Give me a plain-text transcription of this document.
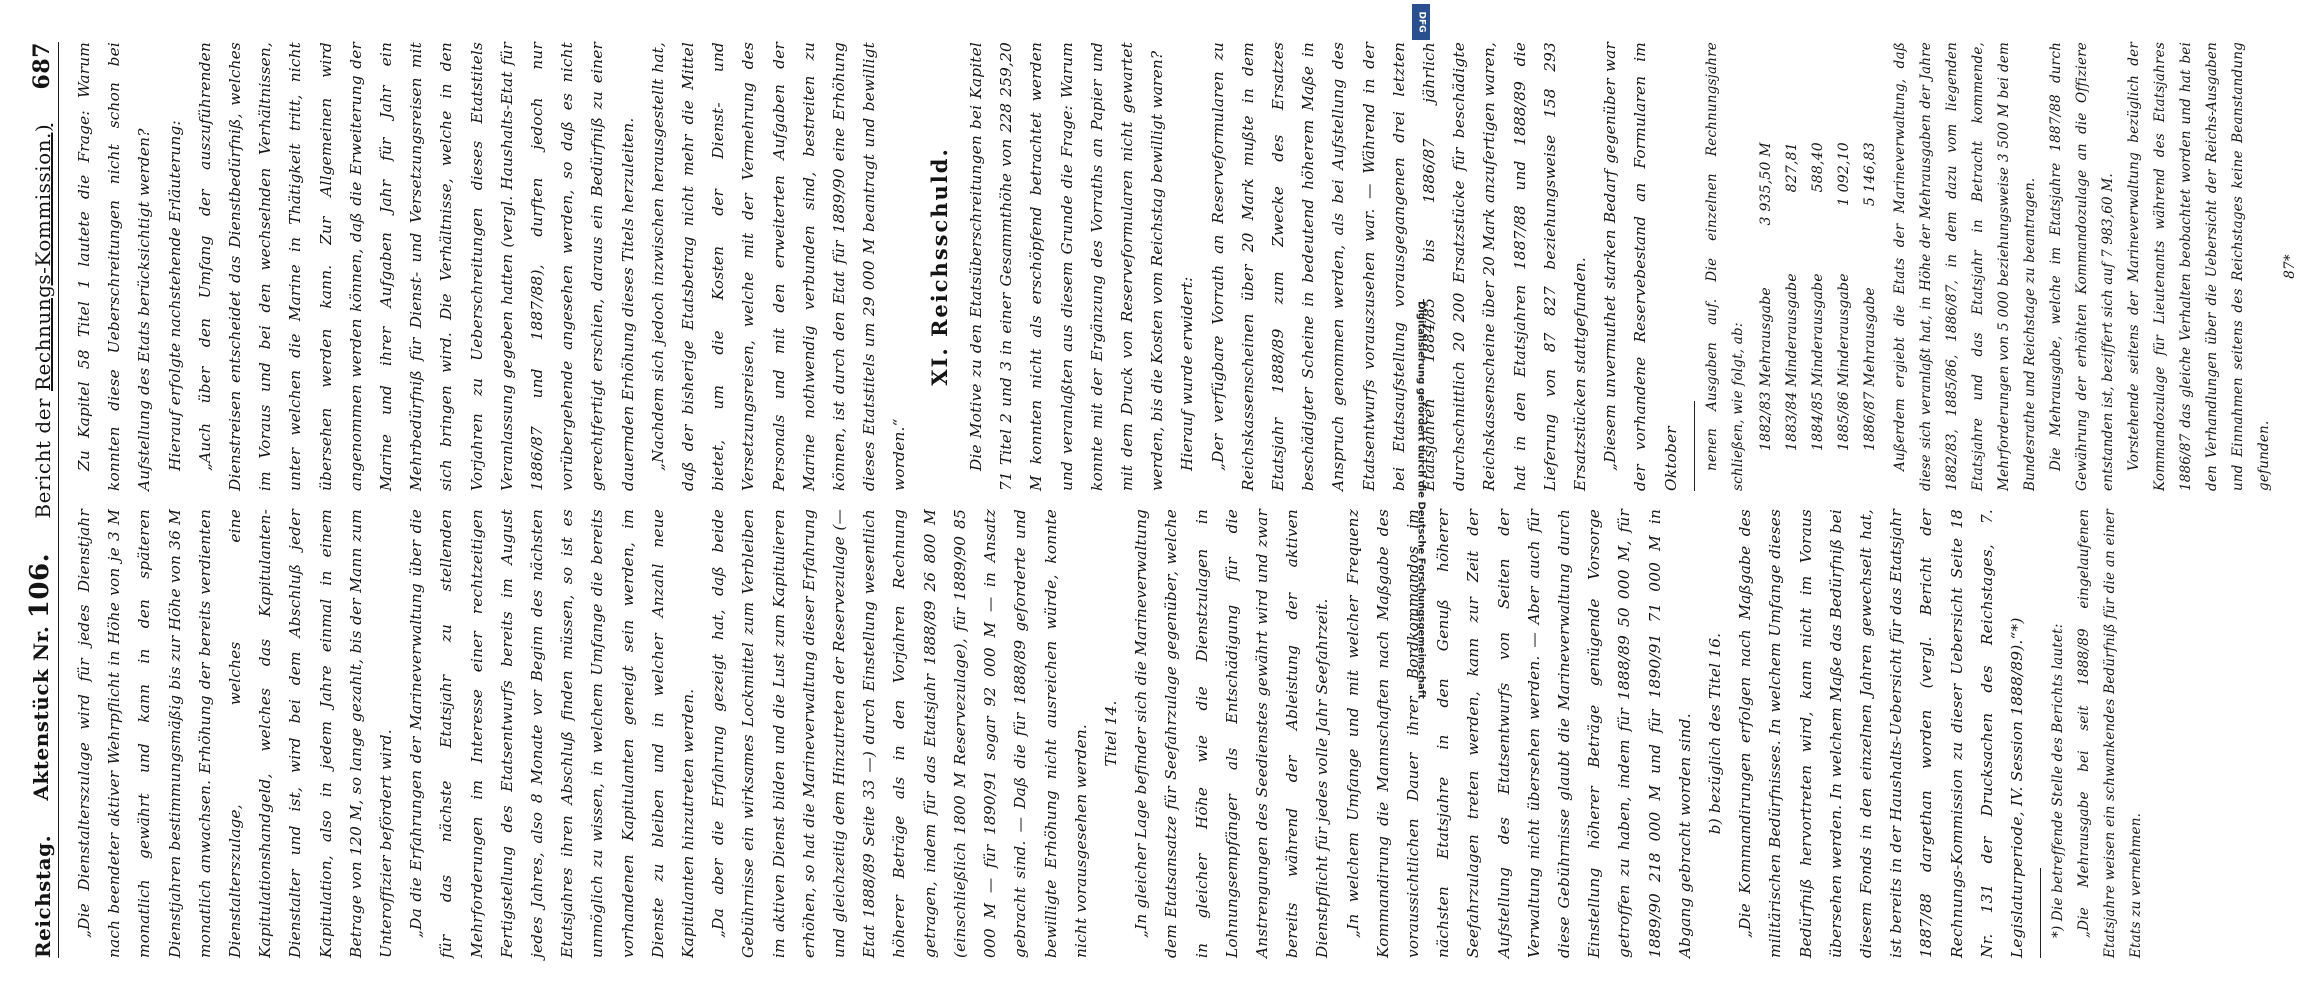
Reichstag.
Aktenstück Nr. 106.
Bericht der Rechnungs-Kommission.)
687

„Die Dienstalterszulage wird für jedes Dienstjahr nach beendeter aktiver Wehrpflicht in Höhe von je 3 M monatlich gewährt und kann in den späteren Dienstjahren bestimmungsmäßig bis zur Höhe von 36 M monatlich anwachsen. Erhöhung der bereits verdienten Dienstalterszulage, welches eine Kapitulationshandgeld, welches das Kapitulanten-Dienstalter und ist, wird bei dem Abschluß jeder Kapitulation, also in jedem Jahre einmal in einem Betrage von 120 M, so lange gezahlt, bis der Mann zum Unteroffizier befördert wird. „Da die Erfahrungen der Marineverwaltung über die für das nächste Etatsjahr zu stellenden Mehrforderungen im Interesse einer rechtzeitigen Fertigstellung des Etatsentwurfs bereits im August jedes Jahres, also 8 Monate vor Beginn des nächsten Etatsjahres ihren Abschluß finden müssen, so ist es unmöglich zu wissen, in welchem Umfange die bereits vorhandenen Kapitulanten geneigt sein werden, im Dienste zu bleiben und in welcher Anzahl neue Kapitulanten hinzutreten werden. „Da aber die Erfahrung gezeigt hat, daß beide Gebührnisse ein wirksames Lockmittel zum Verbleiben im aktiven Dienst bilden und die Lust zum Kapitulieren erhöhen, so hat die Marineverwaltung dieser Erfahrung und gleichzeitig dem Hinzutreten der Reservezulage (— Etat 1888/89 Seite 33 —) durch Einstellung wesentlich höherer Beträge als in den Vorjahren Rechnung getragen, indem für das Etatsjahr 1888/89 26 800 M (einschließlich 1800 M Reservezulage), für 1889/90 85 000 M — für 1890/91 sogar 92 000 M — in Ansatz gebracht sind. — Daß die für 1888/89 geforderte und bewilligte Erhöhung nicht ausreichen würde, konnte nicht vorausgesehen werden. Titel 14. „In gleicher Lage befinder sich die Marineverwaltung dem Etatsansatze für Seefahrzulage gegenüber, welche in gleicher Höhe wie die Dienstzulagen in Lohnungsempfänger als Entschädigung für die Anstrengungen des Seedienstes gewährt wird und zwar bereits während der Ableistung der aktiven Dienstpflicht für jedes volle Jahr Seefahrzeit. „In welchem Umfange und mit welcher Frequenz Kommandirung die Mannschaften nach Maßgabe des voraussichtlichen Dauer ihrer Bordkommandos im nächsten Etatsjahre in den Genuß höherer Seefahrzulagen treten werden, kann zur Zeit der Aufstellung des Etatsentwurfs von Seiten der Verwaltung nicht übersehen werden. — Aber auch für diese Gebührnisse glaubt die Marineverwaltung durch Einstellung höherer Beträge genügende Vorsorge getroffen zu haben, indem für 1888/89 50 000 M, für 1889/90 218 000 M und für 1890/91 71 000 M in Abgang gebracht worden sind. b) bezüglich des Titel 16. „Die Kommandirungen erfolgen nach Maßgabe des militärischen Bedürfnisses. In welchem Umfange dieses Bedürfniß hervortreten wird, kann nicht im Voraus übersehen werden. In welchem Maße das Bedürfniß bei diesem Fonds in den einzelnen Jahren gewechselt hat, ist bereits in der Haushalts-Uebersicht für das Etatsjahr 1887/88 dargethan worden (vergl. Bericht der Rechnungs-Kommission zu dieser Uebersicht Seite 18 Nr. 131 der Drucksachen des Reichstages, 7. Legislaturperiode, IV. Session 1888/89).“*)	*) Die betreffende Stelle des Berichts lautet: „Die Mehrausgabe bei seit 1888/89 eingelaufenen Etatsjahre weisen ein schwankendes Bedürfniß für die an einer Etats zu vernehmen.

Zu Kapitel 58 Titel 1 lautete die Frage: Warum konnten diese Ueberschreitungen nicht schon bei Aufstellung des Etats berücksichtigt werden? Hierauf erfolgte nachstehende Erläuterung: „Auch über den Umfang der auszuführenden Dienstreisen entscheidet das Dienstbedürfniß, welches im Voraus und bei den wechselnden Verhältnissen, unter welchen die Marine in Thätigkeit tritt, nicht übersehen werden kann. Zur Allgemeinen wird angenommen werden können, daß die Erweiterung der Marine und ihrer Aufgaben Jahr für Jahr ein Mehrbedürfniß für Dienst- und Versetzungsreisen mit sich bringen wird. Die Verhältnisse, welche in den Vorjahren zu Ueberschreitungen dieses Etatstitels Veranlassung gegeben hatten (vergl. Haushalts-Etat für 1886/87 und 1887/88), durften jedoch nur vorübergehende angesehen werden, so daß es nicht gerechtfertigt erschien, daraus ein Bedürfniß zu einer dauernden Erhöhung dieses Titels herzuleiten. „Nachdem sich jedoch inzwischen herausgestellt hat, daß der bisherige Etatsbetrag nicht mehr die Mittel bietet, um die Kosten der Dienst- und Versetzungsreisen, welche mit der Vermehrung des Personals und mit den erweiterten Aufgaben der Marine nothwendig verbunden sind, bestreiten zu können, ist durch den Etat für 1889/90 eine Erhöhung dieses Etatstitels um 29 000 M beantragt und bewilligt worden.“

XI. Reichsschuld. Die Motive zu den Etatsüberschreitungen bei Kapitel 71 Titel 2 und 3 in einer Gesammthöhe von 228 259,20 M konnten nicht als erschöpfend betrachtet werden und veranlaßten aus diesem Grunde die Frage: Warum konnte mit der Ergänzung des Vorraths an Papier und mit dem Druck von Reserveformularen nicht gewartet werden, bis die Kosten vom Reichstag bewilligt waren? Hierauf wurde erwidert: „Der verfügbare Vorrath an Reserveformularen zu Reichskassenscheinen über 20 Mark mußte in dem Etatsjahr 1888/89 zum Zwecke des Ersatzes beschädigter Scheine in bedeutend höherem Maße in Anspruch genommen werden, als bei Aufstellung des Etatsentwurfs vorauszusehen war. — Während in der bei Etatsaufstellung vorausgegangenen drei letzten Etatsjahren 1884/85 bis 1886/87 jährlich durchschnittlich 20 200 Ersatzstücke für beschädigte Reichskassenscheine über 20 Mark anzufertigen waren, hat in den Etatsjahren 1887/88 und 1888/89 die Lieferung von 87 827 beziehungsweise 158 293 Ersatzstücken stattgefunden. „Diesem unvermuthet starken Bedarf gegenüber war der vorhandene Reservebestand an Formularen im Oktober	nenen Ausgaben auf. Die einzelnen Rechnungsjahre schließen, wie folgt, ab: 1882/83 Mehrausgabe	3 935,50 M
1883/84 Minderausgabe	827,81
1884/85 Minderausgabe	588,40
1885/86 Minderausgabe	1 092,10
1886/87 Mehrausgabe	5 146,83	Außerdem ergiebt die Etats der Marineverwaltung, daß diese sich veranlaßt hat, in Höhe der Mehrausgaben der Jahre 1882/83, 1885/86, 1886/87, in dem dazu vom liegenden Etatsjahre und das Etatsjahr in Betracht kommende, Mehrforderungen von 5 000 beziehungsweise 3 500 M bei dem Bundesrathe und Reichstage zu beantragen. Die Mehrausgabe, welche im Etatsjahre 1887/88 durch Gewährung der erhöhten Kommandozulage an die Offiziere entstanden ist, beziffert sich auf 7 983,60 M. Vorstehende seitens der Marineverwaltung bezüglich der Kommandozulage für Lieutenants während des Etatsjahres 1886/87 das gleiche Verhalten beobachtet worden und hat bei den Verhandlungen über die Uebersicht der Reichs-Ausgaben und Einnahmen seitens des Reichstages keine Beanstandung gefunden.

87*

DFG
Digitalisierung gefördert durch die Deutsche Forschungsgemeinschaft
